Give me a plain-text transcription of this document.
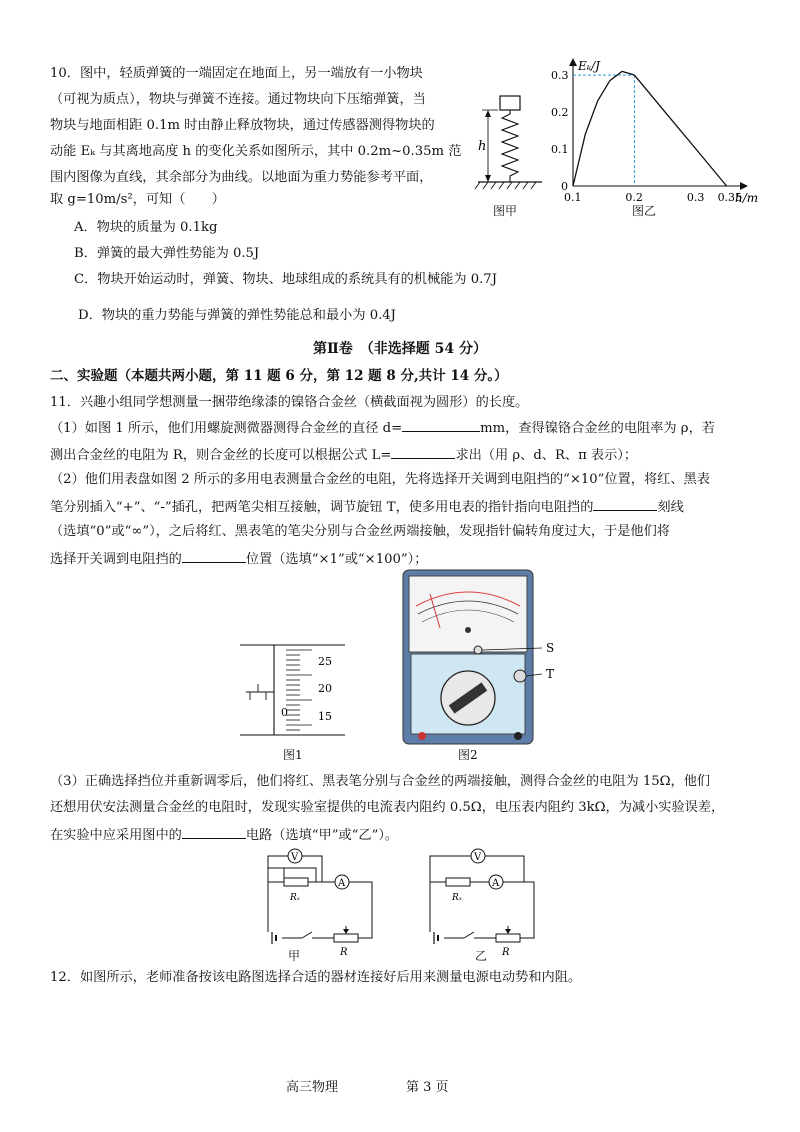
10．图中，轻质弹簧的一端固定在地面上，另一端放有一小物块
（可视为质点），物块与弹簧不连接。通过物块向下压缩弹簧，当
物块与地面相距 0.1m 时由静止释放物块，通过传感器测得物块的
动能 Eₖ 与其离地高度 h 的变化关系如图所示，其中 0.2m~0.35m 范
围内图像为直线，其余部分为曲线。以地面为重力势能参考平面，
取 g=10m/s²，可知（　　）
A．物块的质量为 0.1kg
B．弹簧的最大弹性势能为 0.5J
C．物块开始运动时，弹簧、物块、地球组成的系统具有的机械能为 0.7J
D．物块的重力势能与弹簧的弹性势能总和最小为 0.4J
h
图甲
Eₖ/J
h/m
0.1	0.2	0.3 0.35
0
0.1
0.2
0.3
图乙
第Ⅱ卷　（非选择题 54 分）
二、实验题（本题共两小题，第 11 题 6 分，第 12 题 8 分,共计 14 分。）
11．兴趣小组同学想测量一捆带绝缘漆的镍铬合金丝（横截面视为圆形）的长度。
（1）如图 1 所示，他们用螺旋测微器测得合金丝的直径 d=	mm，查得镍铬合金丝的电阻率为 ρ，若
测出合金丝的电阻为 R，则合金丝的长度可以根据公式 L=	求出（用 ρ、d、R、π 表示）；
（2）他们用表盘如图 2 所示的多用电表测量合金丝的电阻，先将选择开关调到电阻挡的“×10”位置，将红、黑表
笔分别插入“+”、“-”插孔，把两笔尖相互接触，调节旋钮 T，使多用电表的指针指向电阻挡的	刻线
（选填“0”或“∞”），之后将红、黑表笔的笔尖分别与合金丝两端接触，发现指针偏转角度过大，于是他们将
选择开关调到电阻挡的	位置（选填“×1”或“×100”）；
0
25
20
15
图1
S
T
图2
（3）正确选择挡位并重新调零后，他们将红、黑表笔分别与合金丝的两端接触，测得合金丝的电阻为 15Ω，他们
还想用伏安法测量合金丝的电阻时，发现实验室提供的电流表内阻约 0.5Ω，电压表内阻约 3kΩ，为减小实验误差，
在实验中应采用图中的	电路（选填“甲”或“乙”）。
V
Rₓ
A
R
甲
V
Rₓ
A
R
乙
12．如图所示，老师准备按该电路图选择合适的器材连接好后用来测量电源电动势和内阻。
高三物理	第 3 页
